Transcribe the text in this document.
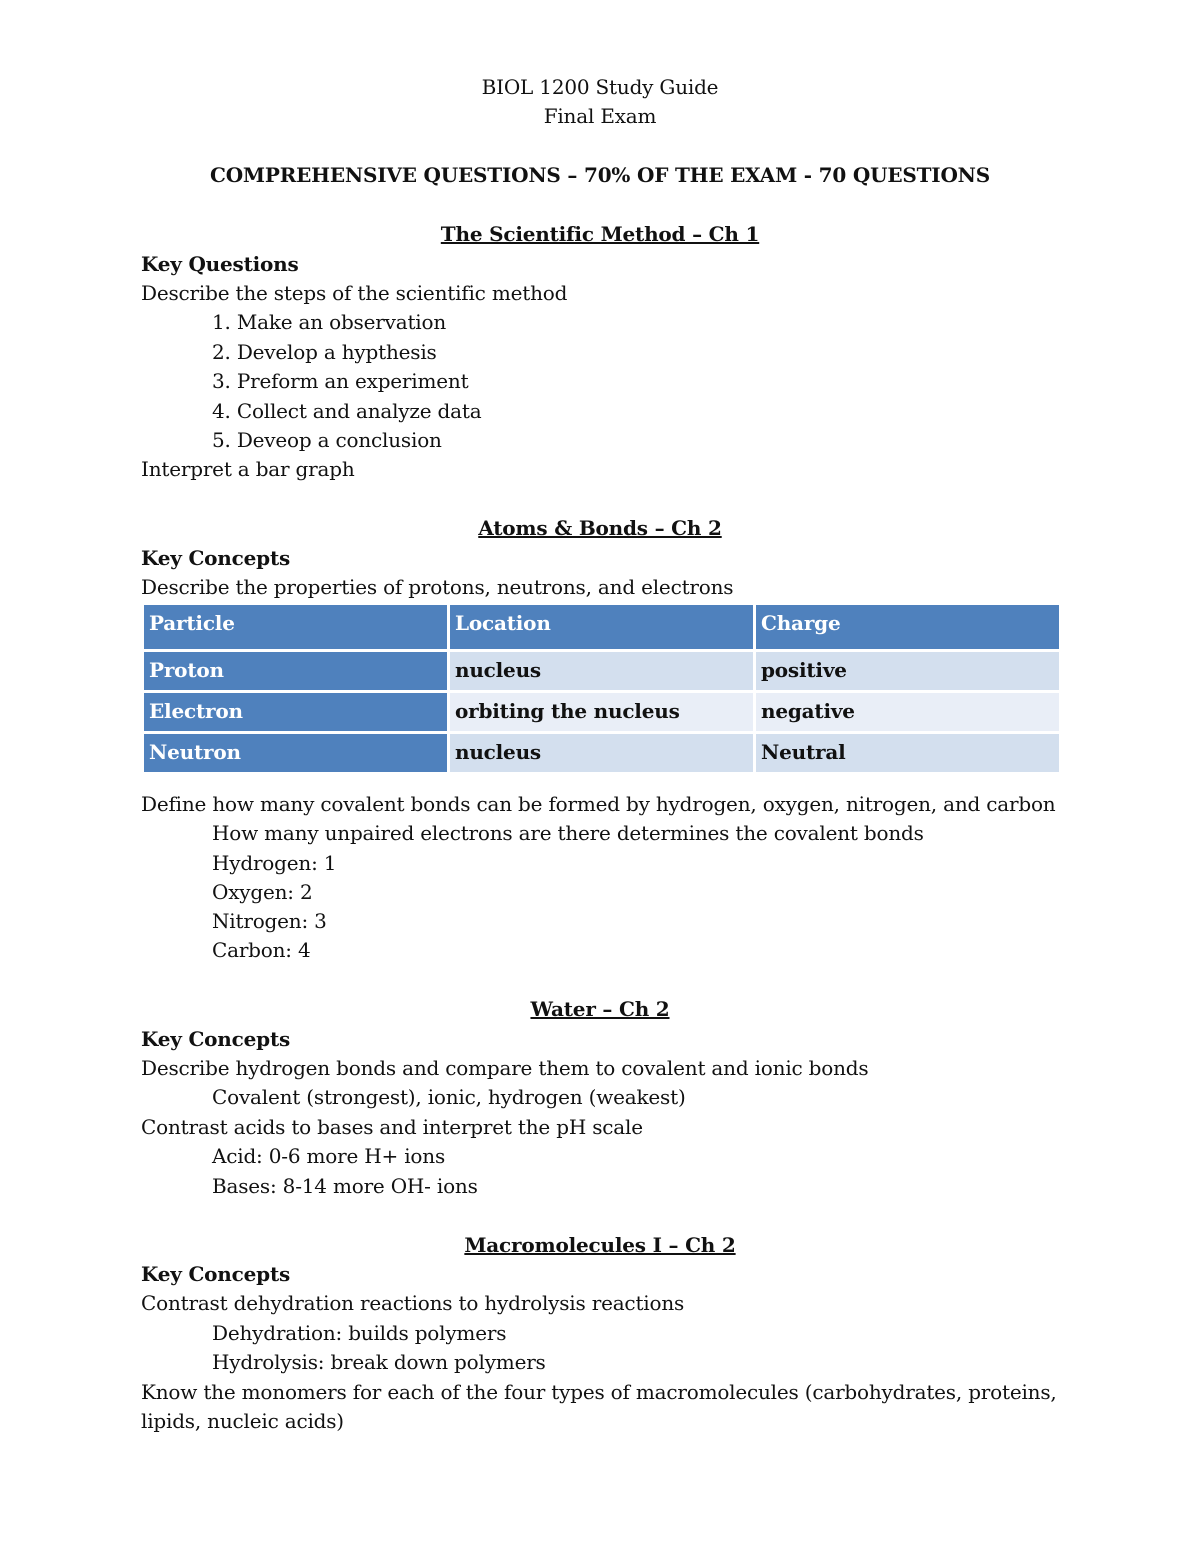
BIOL 1200 Study Guide
Final Exam
COMPREHENSIVE QUESTIONS – 70% OF THE EXAM - 70 QUESTIONS
The Scientific Method – Ch 1
Key Questions
Describe the steps of the scientific method
1. Make an observation
2. Develop a hypthesis
3. Preform an experiment
4. Collect and analyze data
5. Deveop a conclusion
Interpret a bar graph
Atoms & Bonds – Ch 2
Key Concepts
Describe the properties of protons, neutrons, and electrons
Particle	Location	Charge
Proton	nucleus	positive
Electron	orbiting the nucleus	negative
Neutron	nucleus	Neutral
Define how many covalent bonds can be formed by hydrogen, oxygen, nitrogen, and carbon
How many unpaired electrons are there determines the covalent bonds
Hydrogen: 1
Oxygen: 2
Nitrogen: 3
Carbon: 4
Water – Ch 2
Key Concepts
Describe hydrogen bonds and compare them to covalent and ionic bonds
Covalent (strongest), ionic, hydrogen (weakest)
Contrast acids to bases and interpret the pH scale
Acid: 0-6 more H+ ions
Bases: 8-14 more OH- ions
Macromolecules I – Ch 2
Key Concepts
Contrast dehydration reactions to hydrolysis reactions
Dehydration: builds polymers
Hydrolysis: break down polymers
Know the monomers for each of the four types of macromolecules (carbohydrates, proteins,
lipids, nucleic acids)
